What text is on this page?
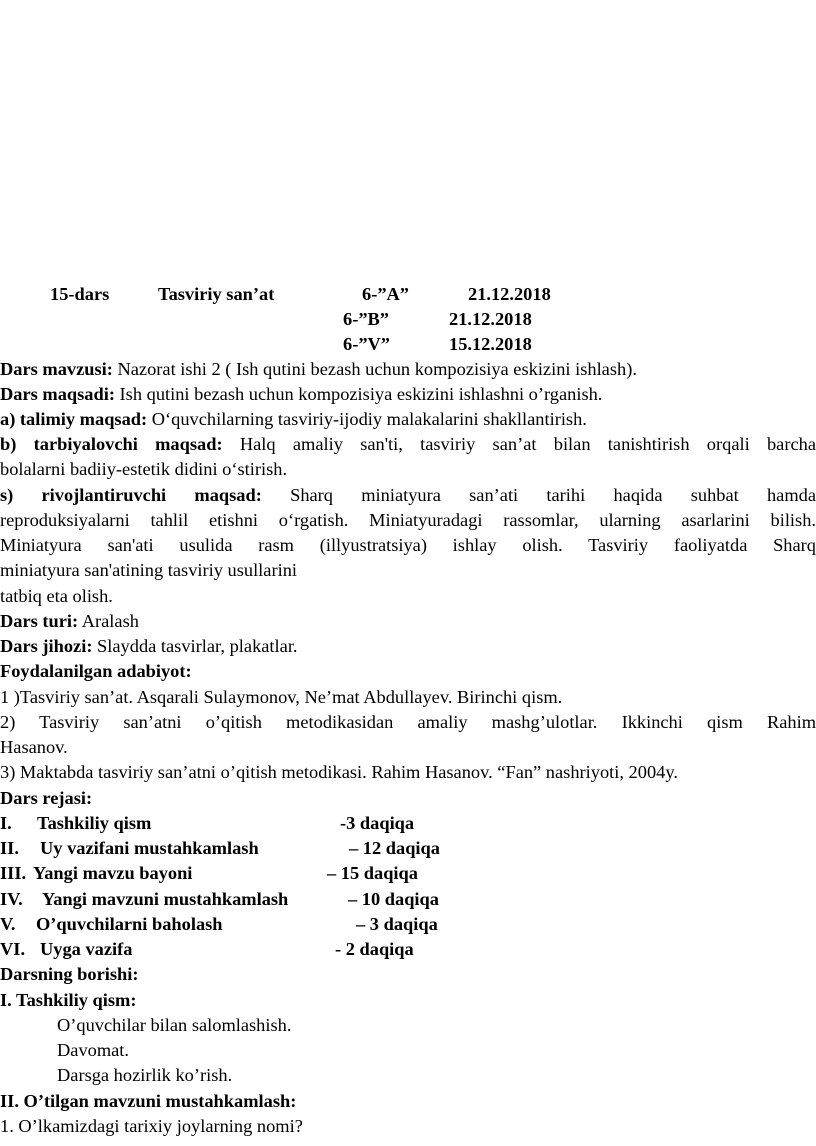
15-dars	Tasviriy san’at	6-”A”	21.12.2018
6-”B”	21.12.2018
6-”V”	15.12.2018
Dars mavzusi: Nazorat ishi 2 ( Ish qutini bezash uchun kompozisiya eskizini ishlash).
Dars maqsadi: Ish qutini bezash uchun kompozisiya eskizini ishlashni o’rganish.
a) talimiy maqsad: O‘quvchilarning tasviriy-ijodiy malakalarini shakllantirish.
b) tarbiyalovchi maqsad: Halq amaliy san'ti, tasviriy san’at bilan tanishtirish orqali barcha
bolalarni badiiy-estetik didini o‘stirish.
s) rivojlantiruvchi maqsad: Sharq miniatyura san’ati tarihi haqida suhbat hamda
reproduksiyalarni tahlil etishni o‘rgatish. Miniatyuradagi rassomlar, ularning asarlarini bilish.
Miniatyura san'ati usulida rasm (illyustratsiya) ishlay olish. Tasviriy faoliyatda Sharq
miniatyura san'atining tasviriy usullarini
tatbiq eta olish.
Dars turi: Aralash
Dars jihozi: Slaydda tasvirlar, plakatlar.
Foydalanilgan adabiyot:
1 )Tasviriy san’at. Asqarali Sulaymonov, Ne’mat Abdullayev. Birinchi qism.
2) Tasviriy san’atni o’qitish metodikasidan amaliy mashg’ulotlar. Ikkinchi qism Rahim
Hasanov.
3) Maktabda tasviriy san’atni o’qitish metodikasi. Rahim Hasanov. “Fan” nashriyoti, 2004y.
Dars rejasi:
I. Tashkiliy qism	-3 daqiqa
II. Uy vazifani mustahkamlash	– 12 daqiqa
III. Yangi mavzu bayoni	– 15 daqiqa
IV. Yangi mavzuni mustahkamlash	– 10 daqiqa
V. O’quvchilarni baholash	– 3 daqiqa
VI. Uyga vazifa	- 2 daqiqa
Darsning borishi:
I. Tashkiliy qism:
O’quvchilar bilan salomlashish.
Davomat.
Darsga hozirlik ko’rish.
II. O’tilgan mavzuni mustahkamlash:
1. O’lkamizdagi tarixiy joylarning nomi?
